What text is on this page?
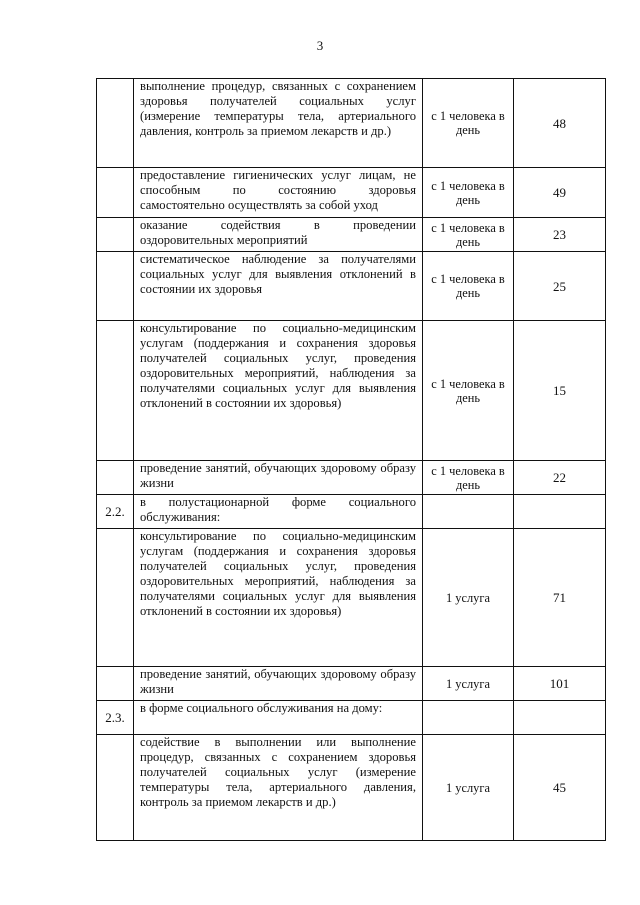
3

	выполнение процедур, связанных с сохранением здоровья получателей социальных услуг (измерение температуры тела, артериального давления, контроль за приемом лекарств и др.)	с 1 человека в день	48

	предоставление гигиенических услуг лицам, не способным по состоянию здоровья самостоятельно осуществлять за собой уход	с 1 человека в день	49

	оказание содействия в проведении оздоровительных мероприятий	с 1 человека в день	23

	систематическое наблюдение за получателями социальных услуг для выявления отклонений в состоянии их здоровья	с 1 человека в день	25

	консультирование по социально-медицинским услугам (поддержания и сохранения здоровья получателей социальных услуг, проведения оздоровительных мероприятий, наблюдения за получателями социальных услуг для выявления отклонений в состоянии их здоровья)	с 1 человека в день	15

	проведение занятий, обучающих здоровому образу жизни	с 1 человека в день	22

2.2.	в полустационарной форме социального обслуживания:		

	консультирование по социально-медицинским услугам (поддержания и сохранения здоровья получателей социальных услуг, проведения оздоровительных мероприятий, наблюдения за получателями социальных услуг для выявления отклонений в состоянии их здоровья)	1 услуга	71

	проведение занятий, обучающих здоровому образу жизни	1 услуга	101

2.3.	в форме социального обслуживания на дому:		

	содействие в выполнении или выполнение процедур, связанных с сохранением здоровья получателей социальных услуг (измерение температуры тела, артериального давления, контроль за приемом лекарств и др.)	1 услуга	45
